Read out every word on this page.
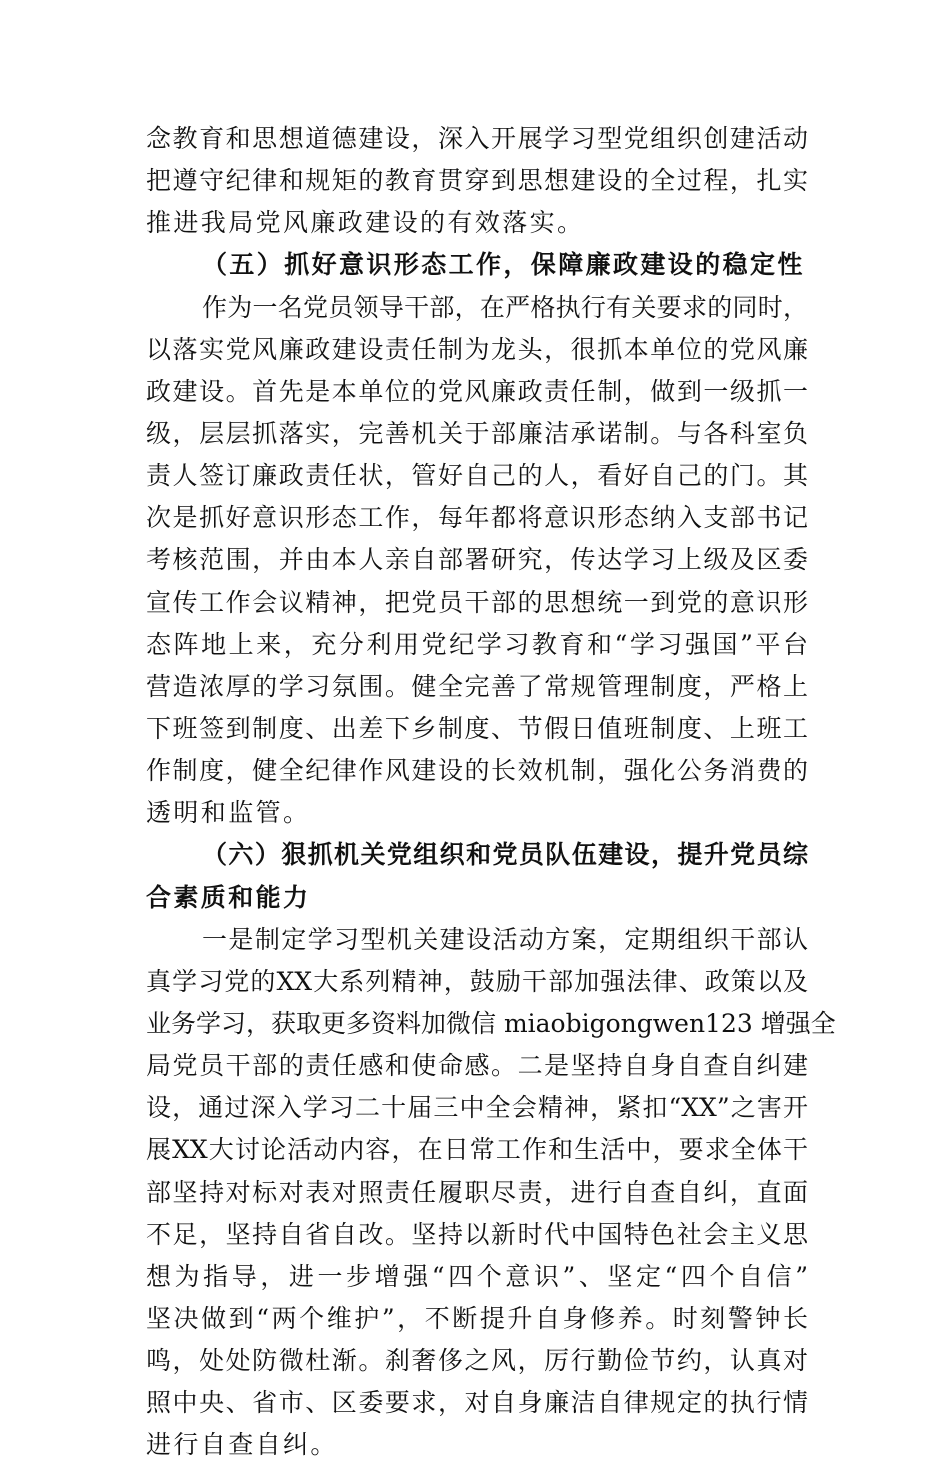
念教育和思想道德建设，深入开展学习型党组织创建活动
把遵守纪律和规矩的教育贯穿到思想建设的全过程，扎实
推进我局党风廉政建设的有效落实。
（五）抓好意识形态工作，保障廉政建设的稳定性
作为一名党员领导干部，在严格执行有关要求的同时，
以落实党风廉政建设责任制为龙头，很抓本单位的党风廉
政建设。首先是本单位的党风廉政责任制，做到一级抓一
级，层层抓落实，完善机关于部廉洁承诺制。与各科室负
责人签订廉政责任状，管好自己的人，看好自己的门。其
次是抓好意识形态工作，每年都将意识形态纳入支部书记
考核范围，并由本人亲自部署研究，传达学习上级及区委
宣传工作会议精神，把党员干部的思想统一到党的意识形
态阵地上来，充分利用党纪学习教育和“学习强国”平台
营造浓厚的学习氛围。健全完善了常规管理制度，严格上
下班签到制度、出差下乡制度、节假日值班制度、上班工
作制度，健全纪律作风建设的长效机制，强化公务消费的
透明和监管。
（六）狠抓机关党组织和党员队伍建设，提升党员综
合素质和能力
一是制定学习型机关建设活动方案，定期组织干部认
真学习党的XX大系列精神，鼓励干部加强法律、政策以及
业务学习，获取更多资料加微信 miaobigongwen123 增强全
局党员干部的责任感和使命感。二是坚持自身自查自纠建
设，通过深入学习二十届三中全会精神，紧扣“XX”之害开
展XX大讨论活动内容，在日常工作和生活中，要求全体干
部坚持对标对表对照责任履职尽责，进行自查自纠，直面
不足，坚持自省自改。坚持以新时代中国特色社会主义思
想为指导，进一步增强“四个意识”、坚定“四个自信”
坚决做到“两个维护”，不断提升自身修养。时刻警钟长
鸣，处处防微杜渐。刹奢侈之风，厉行勤俭节约，认真对
照中央、省市、区委要求，对自身廉洁自律规定的执行情
进行自查自纠。
